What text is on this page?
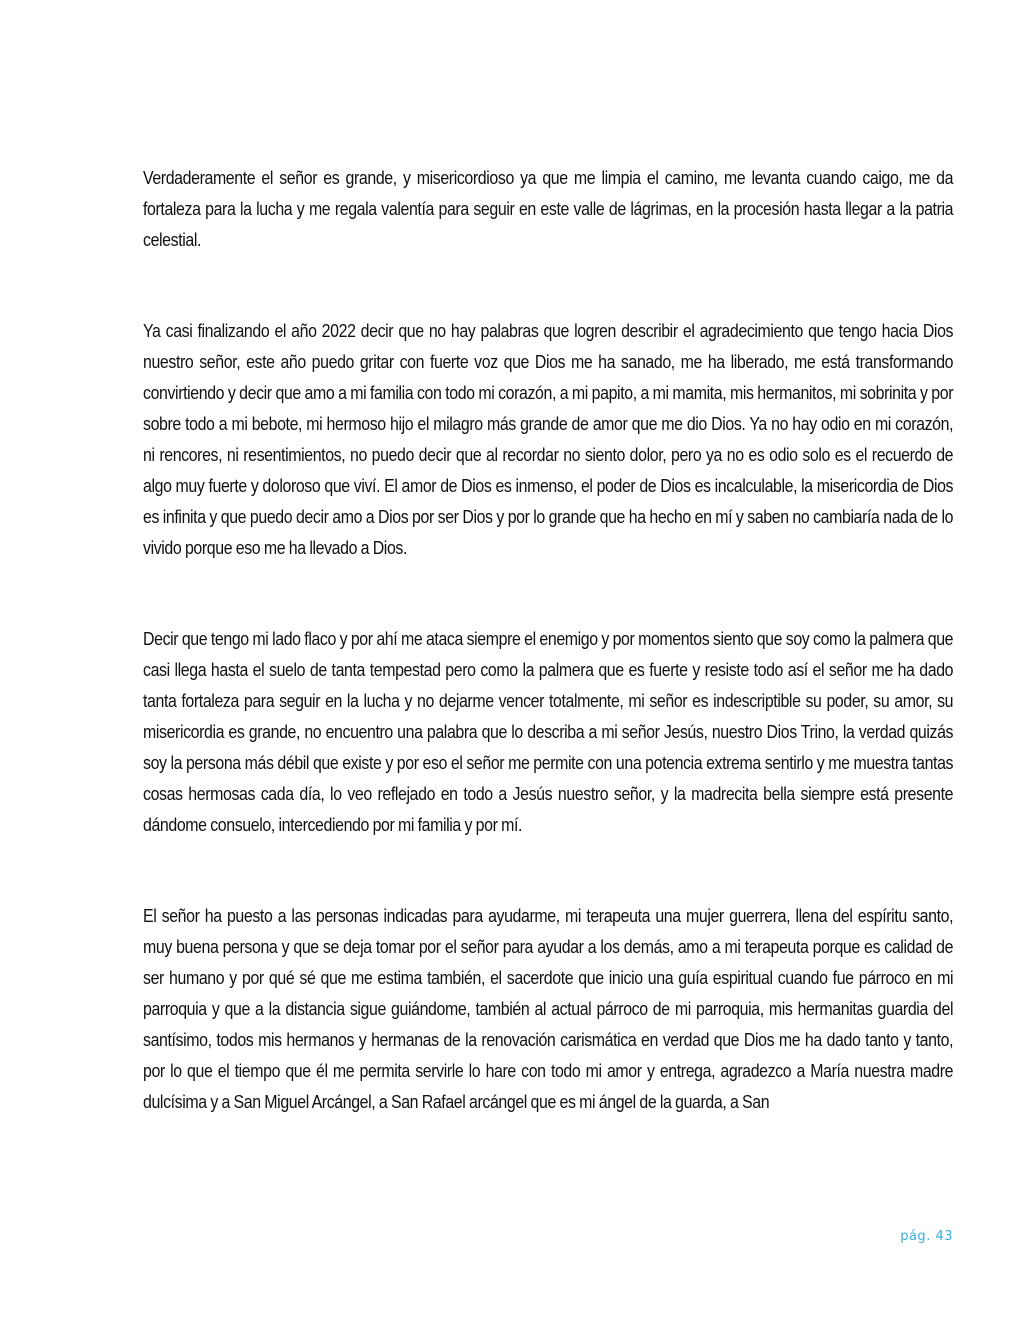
Verdaderamente el señor es grande, y misericordioso ya que me limpia el camino, me levanta cuando caigo, me da fortaleza para la lucha y me regala valentía para seguir en este valle de lágrimas, en la procesión hasta llegar a la patria celestial.

Ya casi finalizando el año 2022 decir que no hay palabras que logren describir el agradecimiento que tengo hacia Dios nuestro señor, este año puedo gritar con fuerte voz que Dios me ha sanado, me ha liberado, me está transformando convirtiendo y decir que amo a mi familia con todo mi corazón, a mi papito, a mi mamita, mis hermanitos, mi sobrinita y por sobre todo a mi bebote, mi hermoso hijo el milagro más grande de amor que me dio Dios. Ya no hay odio en mi corazón, ni rencores, ni resentimientos, no puedo decir que al recordar no siento dolor, pero ya no es odio solo es el recuerdo de algo muy fuerte y doloroso que viví. El amor de Dios es inmenso, el poder de Dios es incalculable, la misericordia de Dios es infinita y que puedo decir amo a Dios por ser Dios y por lo grande que ha hecho en mí y saben no cambiaría nada de lo vivido porque eso me ha llevado a Dios.

Decir que tengo mi lado flaco y por ahí me ataca siempre el enemigo y por momentos siento que soy como la palmera que casi llega hasta el suelo de tanta tempestad pero como la palmera que es fuerte y resiste todo así el señor me ha dado tanta fortaleza para seguir en la lucha y no dejarme vencer totalmente, mi señor es indescriptible su poder, su amor, su misericordia es grande, no encuentro una palabra que lo describa a mi señor Jesús, nuestro Dios Trino, la verdad quizás soy la persona más débil que existe y por eso el señor me permite con una potencia extrema sentirlo y me muestra tantas cosas hermosas cada día, lo veo reflejado en todo a Jesús nuestro señor, y la madrecita bella siempre está presente dándome consuelo, intercediendo por mi familia y por mí.

El señor ha puesto a las personas indicadas para ayudarme, mi terapeuta una mujer guerrera, llena del espíritu santo, muy buena persona y que se deja tomar por el señor para ayudar a los demás, amo a mi terapeuta porque es calidad de ser humano y por qué sé que me estima también, el sacerdote que inicio una guía espiritual cuando fue párroco en mi parroquia y que a la distancia sigue guiándome, también al actual párroco de mi parroquia, mis hermanitas guardia del santísimo, todos mis hermanos y hermanas de la renovación carismática en verdad que Dios me ha dado tanto y tanto, por lo que el tiempo que él me permita servirle lo hare con todo mi amor y entrega, agradezco a María nuestra madre dulcísima y a San Miguel Arcángel, a San Rafael arcángel que es mi ángel de la guarda, a San

pág. 43
